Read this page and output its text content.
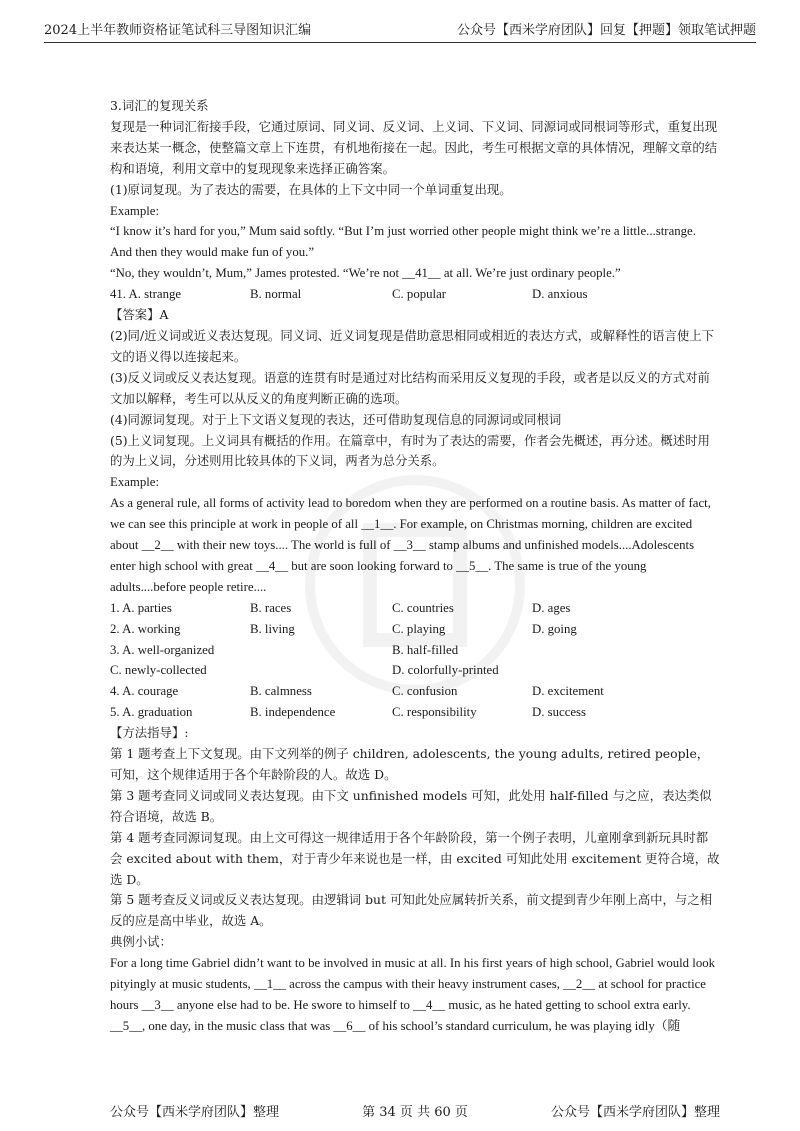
2024上半年教师资格证笔试科三导图知识汇编	公众号【西米学府团队】回复【押题】领取笔试押题

3.词汇的复现关系

复现是一种词汇衔接手段，它通过原词、同义词、反义词、上义词、下义词、同源词或同根词等形式，重复出现来表达某一概念，使整篇文章上下连贯，有机地衔接在一起。因此，考生可根据文章的具体情况，理解文章的结构和语境，利用文章中的复现现象来选择正确答案。

(1)原词复现。为了表达的需要，在具体的上下文中同一个单词重复出现。

Example:

“I know it’s hard for you,” Mum said softly. “But I’m just worried other people might think we’re a little...strange. And then they would make fun of you.”

“No, they wouldn’t, Mum,” James protested. “We’re not __41__ at all. We’re just ordinary people.”

41. A. strange	B. normal	C. popular	D. anxious

【答案】A

(2)同/近义词或近义表达复现。同义词、近义词复现是借助意思相同或相近的表达方式，或解释性的语言使上下文的语义得以连接起来。

(3)反义词或反义表达复现。语意的连贯有时是通过对比结构而采用反义复现的手段，或者是以反义的方式对前文加以解释，考生可以从反义的角度判断正确的选项。

(4)同源词复现。对于上下文语义复现的表达，还可借助复现信息的同源词或同根词

(5)上义词复现。上义词具有概括的作用。在篇章中，有时为了表达的需要，作者会先概述，再分述。概述时用的为上义词，分述则用比较具体的下义词，两者为总分关系。

Example:

As a general rule, all forms of activity lead to boredom when they are performed on a routine basis. As matter of fact, we can see this principle at work in people of all __1__. For example, on Christmas morning, children are excited about __2__ with their new toys.... The world is full of __3__ stamp albums and unfinished models....Adolescents enter high school with great __4__ but are soon looking forward to __5__. The same is true of the young adults....before people retire....

1. A. parties	B. races	C. countries	D. ages
2. A. working	B. living	C. playing	D. going
3. A. well-organized	B. half-filled
C. newly-collected	D. colorfully-printed
4. A. courage	B. calmness	C. confusion	D. excitement
5. A. graduation	B. independence	C. responsibility	D. success

【方法指导】:

第 1 题考查上下文复现。由下文列举的例子 children, adolescents, the young adults, retired people，可知，这个规律适用于各个年龄阶段的人。故选 D。

第 3 题考查同义词或同义表达复现。由下文 unfinished models 可知，此处用 half-filled 与之应，表达类似符合语境，故选 B。

第 4 题考查同源词复现。由上文可得这一规律适用于各个年龄阶段，第一个例子表明，儿童刚拿到新玩具时都会 excited about with them，对于青少年来说也是一样，由 excited 可知此处用 excitement 更符合境，故选 D。

第 5 题考查反义词或反义表达复现。由逻辑词 but 可知此处应属转折关系，前文提到青少年刚上高中，与之相反的应是高中毕业，故选 A。

典例小试：

For a long time Gabriel didn’t want to be involved in music at all. In his first years of high school, Gabriel would look pityingly at music students, __1__ across the campus with their heavy instrument cases, __2__ at school for practice hours __3__ anyone else had to be. He swore to himself to __4__ music, as he hated getting to school extra early.

__5__, one day, in the music class that was __6__ of his school’s standard curriculum, he was playing idly（随

公众号【西米学府团队】整理	第 34 页 共 60 页	公众号【西米学府团队】整理
